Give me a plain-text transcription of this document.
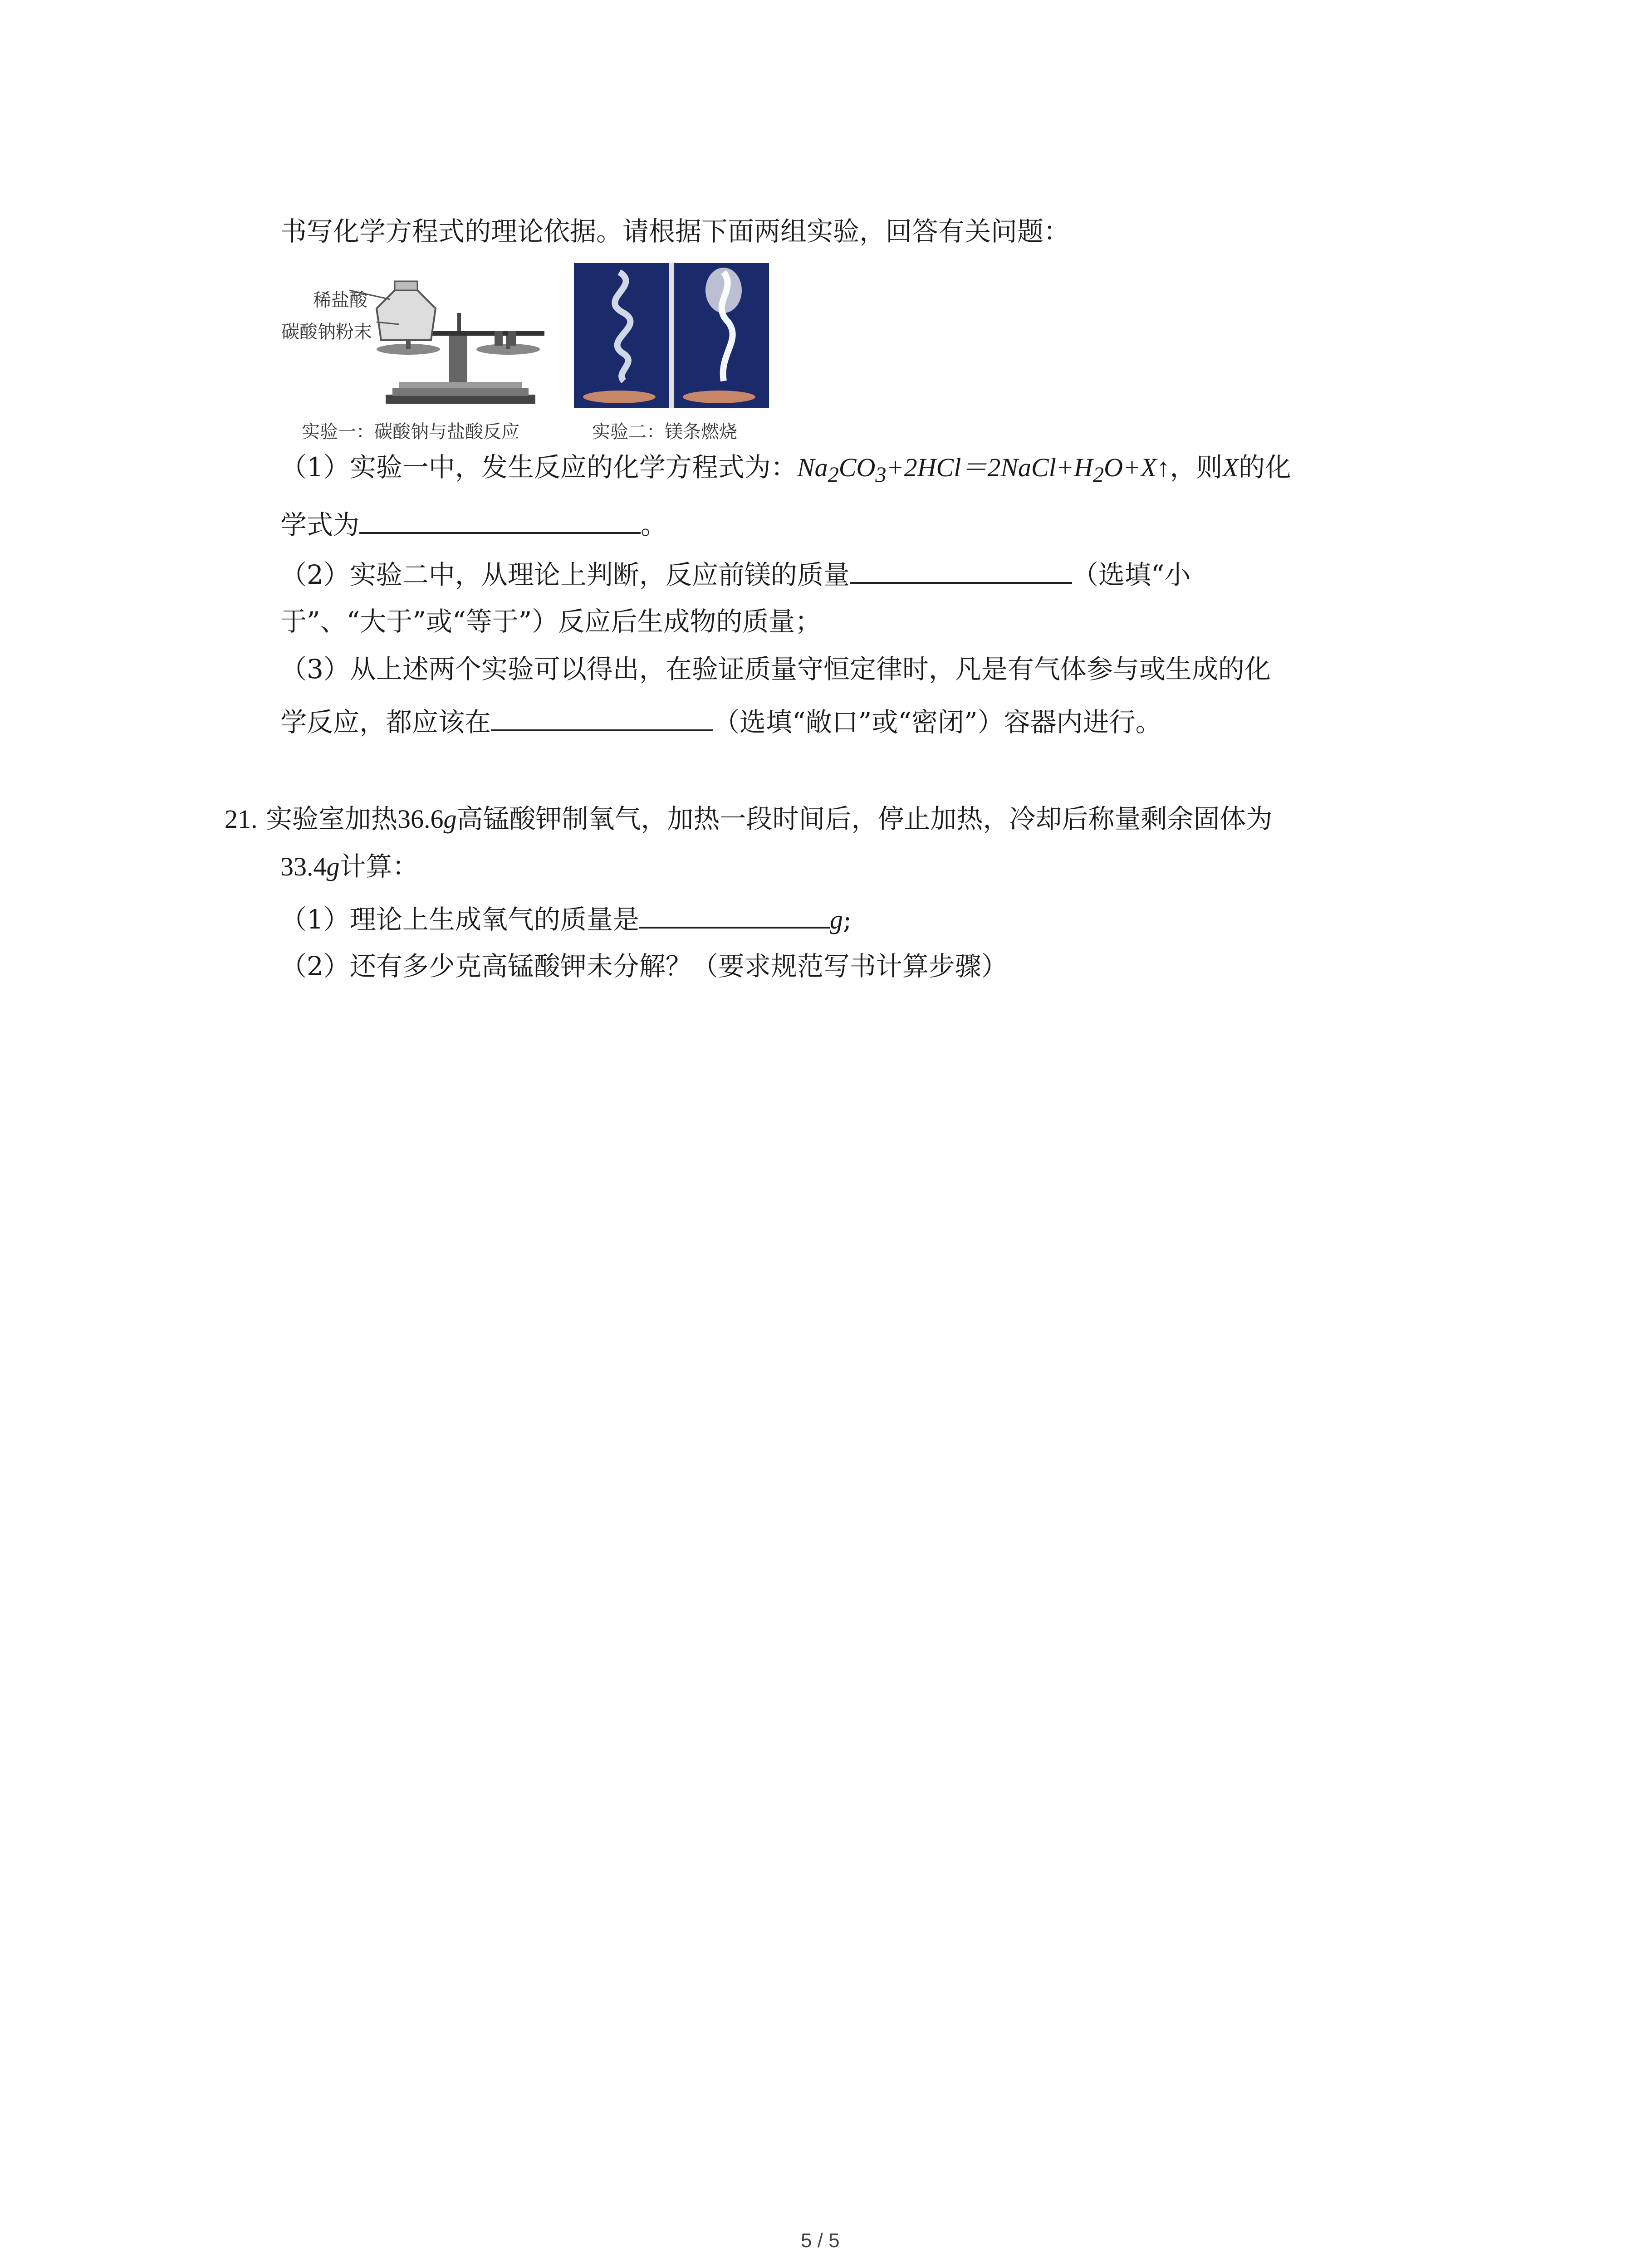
书写化学方程式的理论依据。请根据下面两组实验，回答有关问题：
稀盐酸
碳酸钠粉末
实验一：碳酸钠与盐酸反应	实验二：镁条燃烧
（1）实验一中，发生反应的化学方程式为：$Na_2CO_3+2HCl=2NaCl+H_2O+X↑$，则X的化
学式为	。
（2）实验二中，从理论上判断，反应前镁的质量	（选填“小
于”、“大于”或“等于”）反应后生成物的质量；
（3）从上述两个实验可以得出，在验证质量守恒定律时，凡是有气体参与或生成的化
学反应，都应该在	（选填“敞口”或“密闭”）容器内进行。
21. 实验室加热36.6g高锰酸钾制氧气，加热一段时间后，停止加热，冷却后称量剩余固体为
33.4g计算：
（1）理论上生成氧气的质量是	g;
（2）还有多少克高锰酸钾未分解？（要求规范写书计算步骤）
5 / 5
